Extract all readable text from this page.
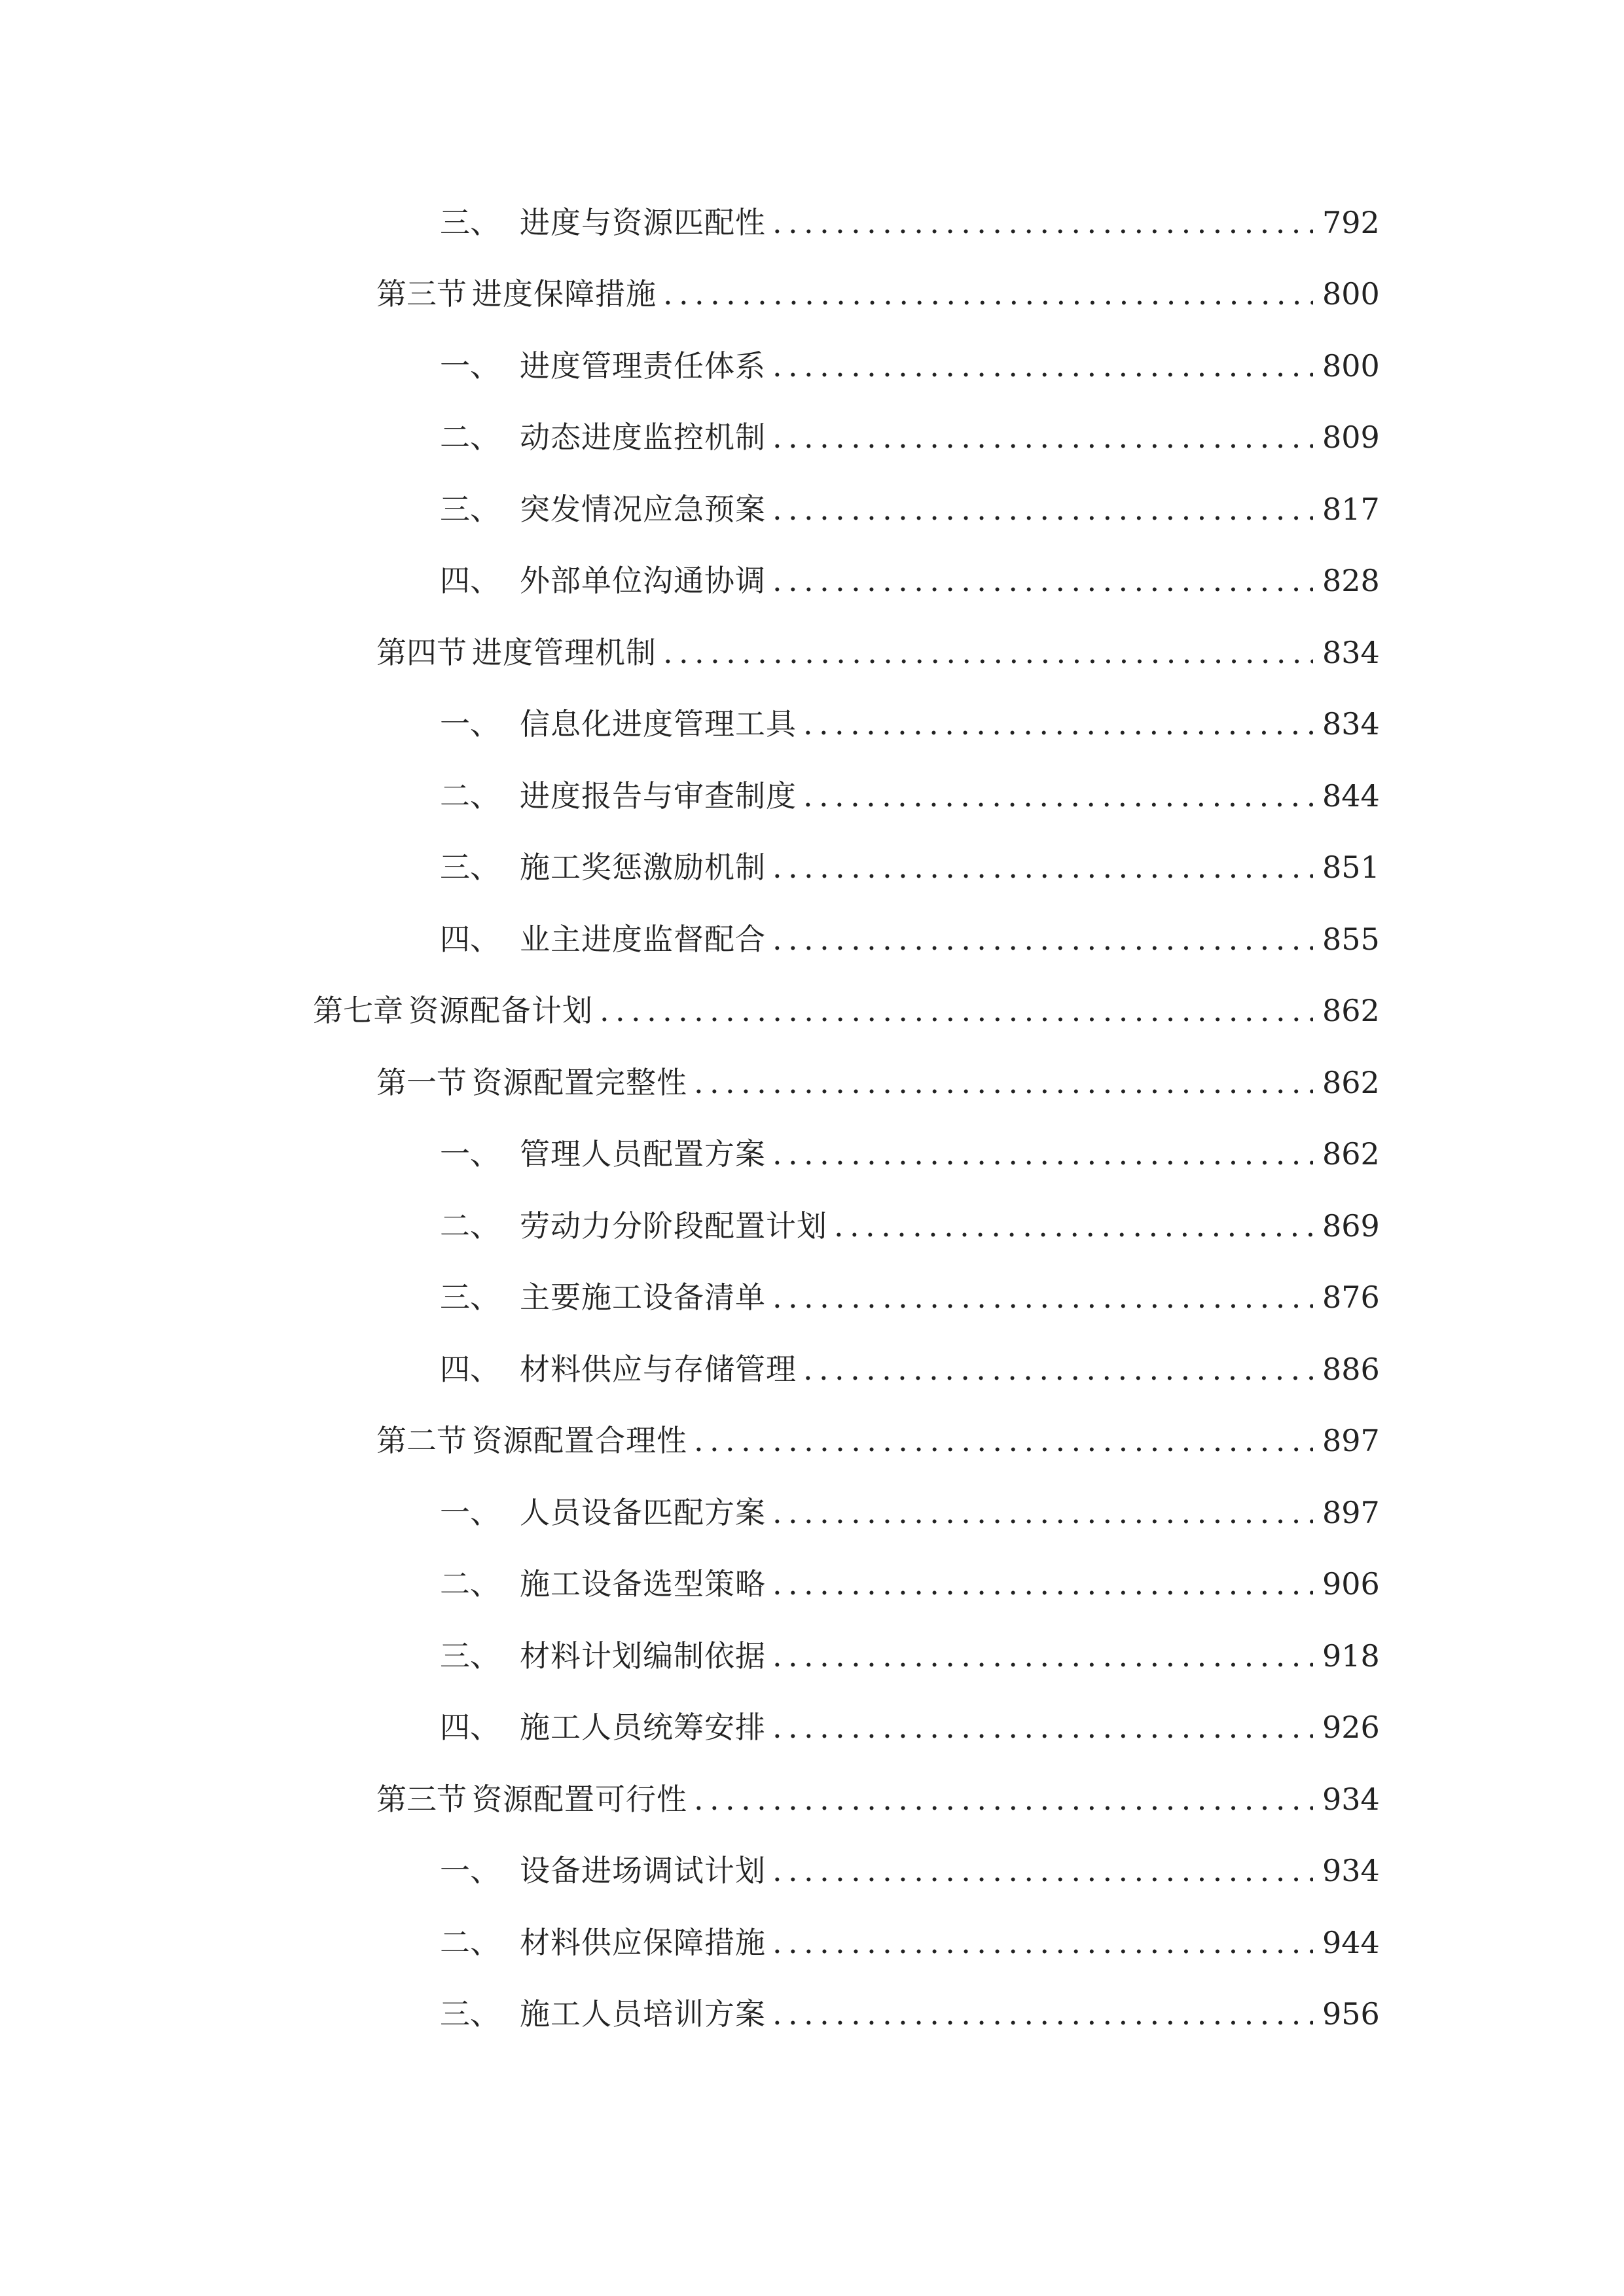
三、 进度与资源匹配性 .....	792
第三节 进度保障措施 .....	800
一、 进度管理责任体系 .....	800
二、 动态进度监控机制 .....	809
三、 突发情况应急预案 .....	817
四、 外部单位沟通协调 .....	828
第四节 进度管理机制 .....	834
一、 信息化进度管理工具 .....	834
二、 进度报告与审查制度 .....	844
三、 施工奖惩激励机制 .....	851
四、 业主进度监督配合 .....	855
第七章 资源配备计划 .....	862
第一节 资源配置完整性 .....	862
一、 管理人员配置方案 .....	862
二、 劳动力分阶段配置计划 .....	869
三、 主要施工设备清单 .....	876
四、 材料供应与存储管理 .....	886
第二节 资源配置合理性 .....	897
一、 人员设备匹配方案 .....	897
二、 施工设备选型策略 .....	906
三、 材料计划编制依据 .....	918
四、 施工人员统筹安排 .....	926
第三节 资源配置可行性 .....	934
一、 设备进场调试计划 .....	934
二、 材料供应保障措施 .....	944
三、 施工人员培训方案 .....	956
